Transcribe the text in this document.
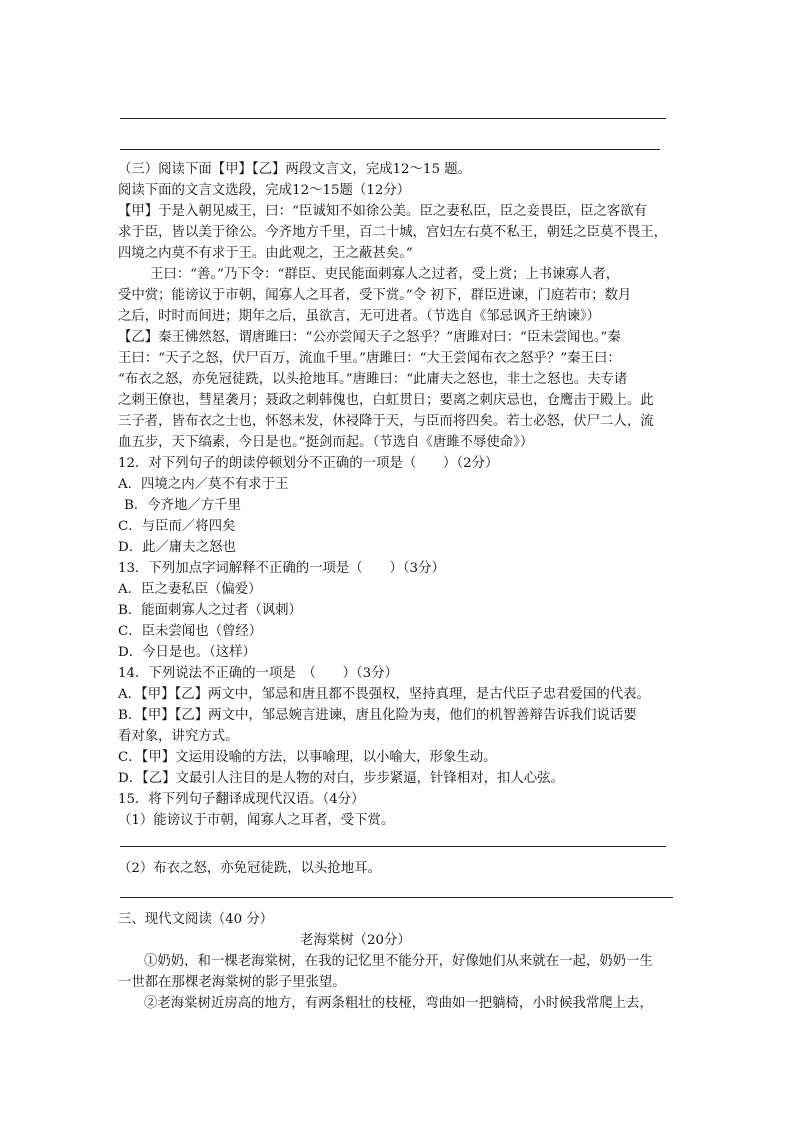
（三）阅读下面【甲】【乙】两段文言文，完成12～15 题。
阅读下面的文言文选段，完成12～15题（12分）
【甲】于是入朝见威王，曰：“臣诚知不如徐公美。臣之妻私臣，臣之妾畏臣，臣之客欲有
求于臣，皆以美于徐公。今齐地方千里，百二十城，宫妇左右莫不私王，朝廷之臣莫不畏王，
四境之内莫不有求于王。由此观之，王之蔽甚矣。”
王曰：“善。”乃下令：“群臣、吏民能面刺寡人之过者，受上赏；上书谏寡人者，
受中赏；能谤议于市朝，闻寡人之耳者，受下赏。”令 初下，群臣进谏，门庭若市；数月
之后，时时而间进；期年之后，虽欲言，无可进者。（节选自《邹忌讽齐王纳谏》）
【乙】秦王怫然怒，谓唐雎曰：“公亦尝闻天子之怒乎？”唐雎对曰：“臣未尝闻也。”秦
王曰：“天子之怒，伏尸百万，流血千里。”唐雎曰：“大王尝闻布衣之怒乎？”秦王曰：
“布衣之怒，亦免冠徒跣，以头抢地耳。”唐雎曰：“此庸夫之怒也，非士之怒也。夫专诸
之刺王僚也，彗星袭月；聂政之刺韩傀也，白虹贯日；要离之刺庆忌也，仓鹰击于殿上。此
三子者，皆布衣之士也，怀怒未发，休祲降于天，与臣而将四矣。若士必怒，伏尸二人，流
血五步，天下缟素，今日是也。”挺剑而起。（节选自《唐雎不辱使命》）
12．对下列句子的朗读停顿划分不正确的一项是（　　）（2分）
A．四境之内／莫不有求于王
B．今齐地／方千里
C．与臣而／将四矣
D．此／庸夫之怒也
13．下列加点字词解释不正确的一项是（　　）（3分）
A．臣之妻私臣（偏爱）
B．能面刺寡人之过者（讽刺）
C．臣未尝闻也（曾经）
D．今日是也。（这样）
14．下列说法不正确的一项是　（　　）（3分）
A．【甲】【乙】两文中，邹忌和唐且都不畏强权，坚持真理，是古代臣子忠君爱国的代表。
B．【甲】【乙】两文中，邹忌婉言进谏，唐且化险为夷，他们的机智善辩告诉我们说话要
看对象，讲究方式。
C．【甲】文运用设喻的方法，以事喻理，以小喻大，形象生动。
D．【乙】文最引人注目的是人物的对白，步步紧逼，针锋相对，扣人心弦。
15．将下列句子翻译成现代汉语。（4分）
（1）能谤议于市朝，闻寡人之耳者，受下赏。
（2）布衣之怒，亦免冠徒跣，以头抢地耳。
三、现代文阅读（40 分）
老海棠树（20分）
①奶奶，和一棵老海棠树，在我的记忆里不能分开，好像她们从来就在一起，奶奶一生
一世都在那棵老海棠树的影子里张望。
②老海棠树近房高的地方，有两条粗壮的枝桠，弯曲如一把躺椅，小时候我常爬上去，
